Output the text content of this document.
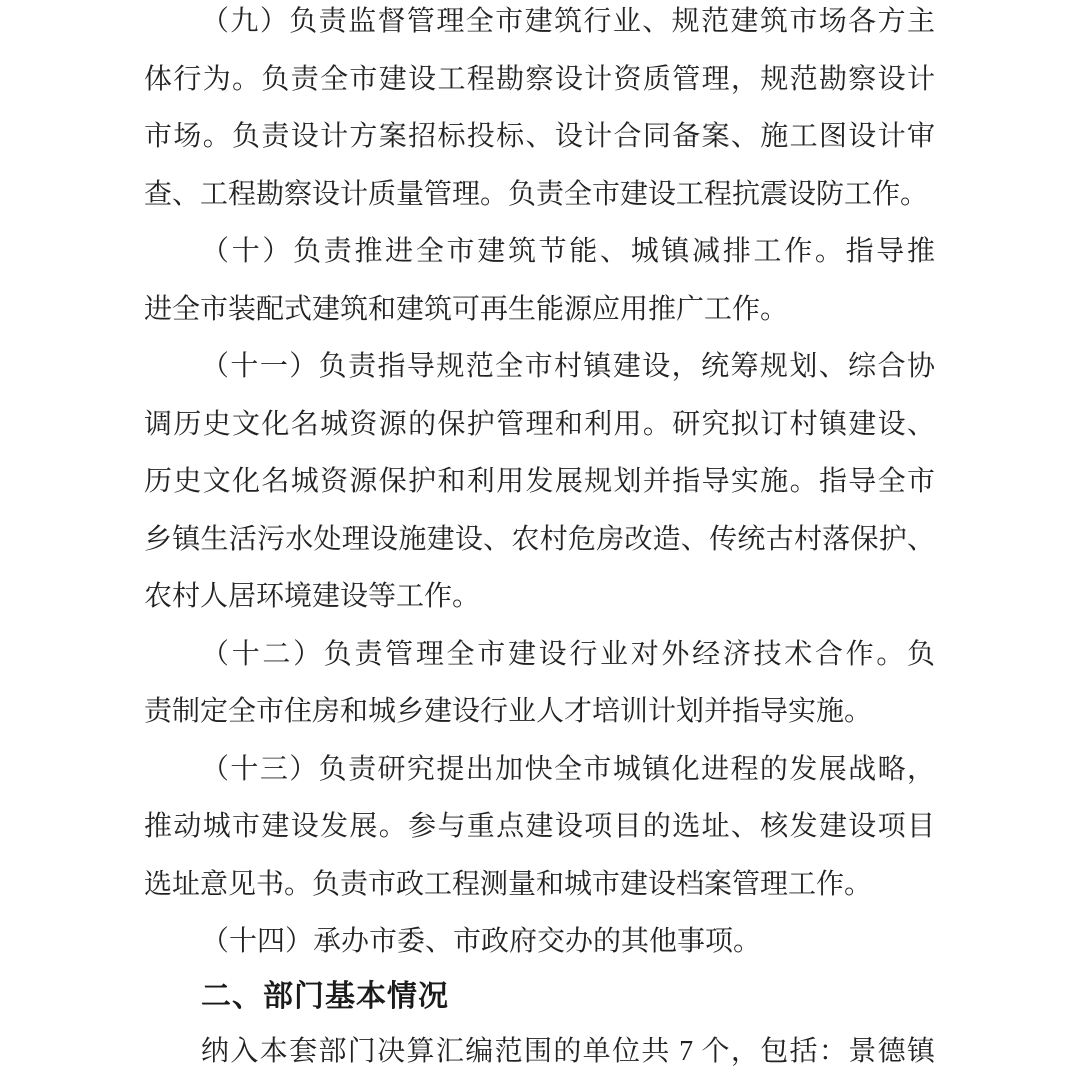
（九）负责监督管理全市建筑行业、规范建筑市场各方主
体行为。负责全市建设工程勘察设计资质管理，规范勘察设计
市场。负责设计方案招标投标、设计合同备案、施工图设计审
查、工程勘察设计质量管理。负责全市建设工程抗震设防工作。
（十）负责推进全市建筑节能、城镇减排工作。指导推
进全市装配式建筑和建筑可再生能源应用推广工作。
（十一）负责指导规范全市村镇建设，统筹规划、综合协
调历史文化名城资源的保护管理和利用。研究拟订村镇建设、
历史文化名城资源保护和利用发展规划并指导实施。指导全市
乡镇生活污水处理设施建设、农村危房改造、传统古村落保护、
农村人居环境建设等工作。
（十二）负责管理全市建设行业对外经济技术合作。负
责制定全市住房和城乡建设行业人才培训计划并指导实施。
（十三）负责研究提出加快全市城镇化进程的发展战略，
推动城市建设发展。参与重点建设项目的选址、核发建设项目
选址意见书。负责市政工程测量和城市建设档案管理工作。
（十四）承办市委、市政府交办的其他事项。
二、部门基本情况
纳入本套部门决算汇编范围的单位共 7 个，包括：景德镇
